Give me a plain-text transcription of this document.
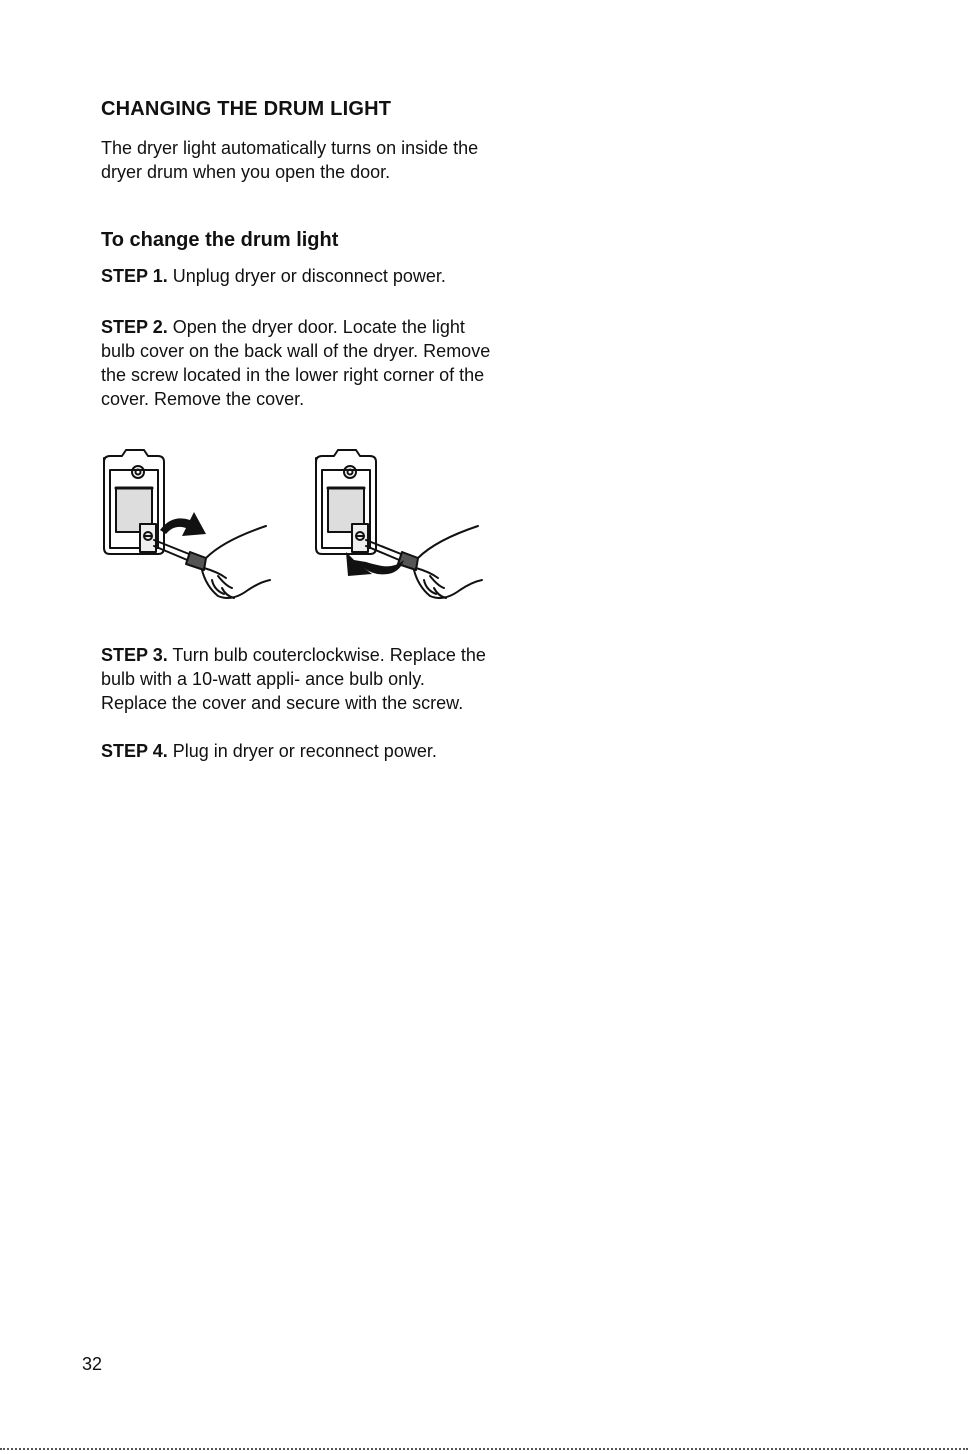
CHANGING THE DRUM LIGHT

The dryer light automatically turns on inside the dryer drum when you open the door.

To change the drum light

STEP 1. Unplug dryer or disconnect power.

STEP 2. Open the dryer door. Locate the light bulb cover on the back wall of the dryer. Remove the screw located in the lower right corner of the cover. Remove the cover.

STEP 3. Turn bulb couterclockwise. Replace the bulb with a 10-watt appli- ance bulb only. Replace the cover and secure with the screw.

STEP 4. Plug in dryer or reconnect power.

32
